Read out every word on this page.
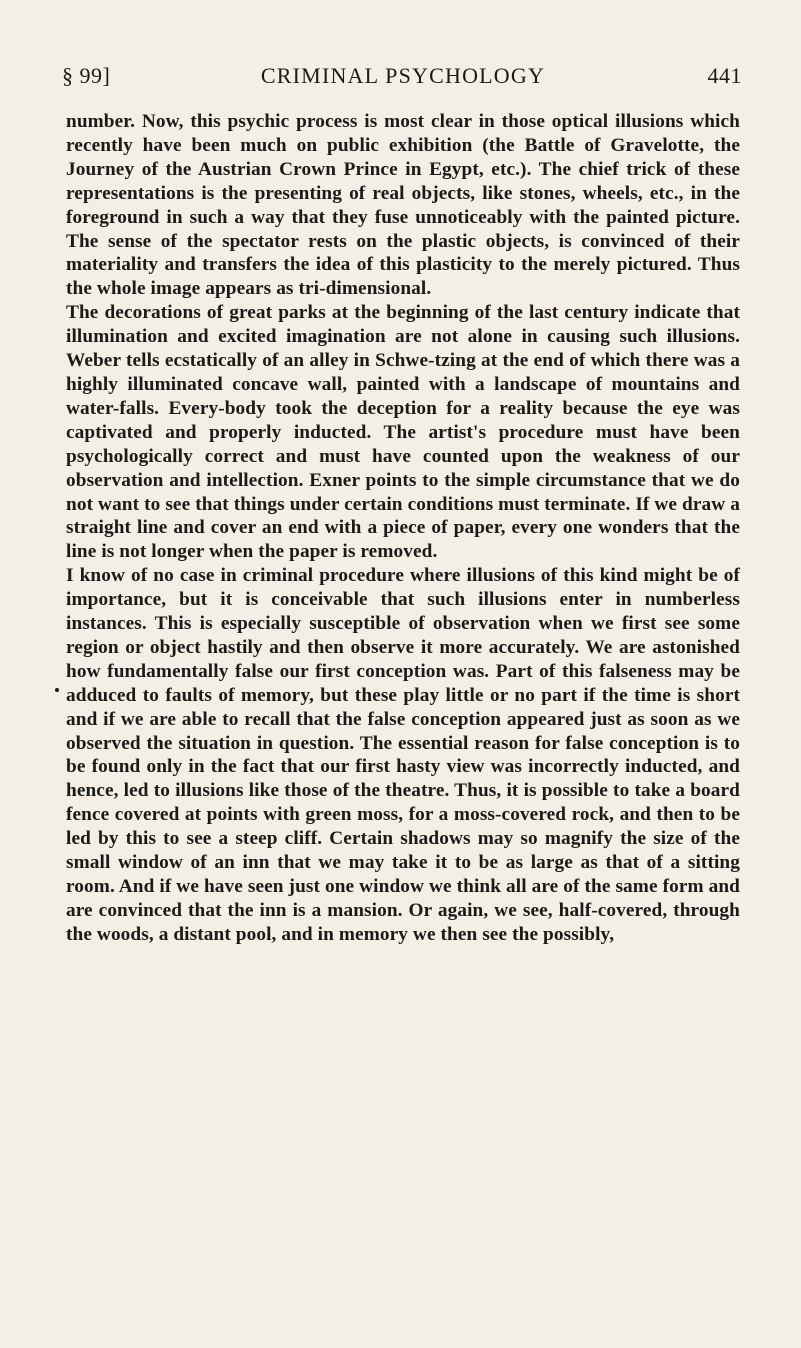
§ 99]	CRIMINAL PSYCHOLOGY	441

number. Now, this psychic process is most clear in those optical illusions which recently have been much on public exhibition (the Battle of Gravelotte, the Journey of the Austrian Crown Prince in Egypt, etc.). The chief trick of these representations is the presenting of real objects, like stones, wheels, etc., in the foreground in such a way that they fuse unnoticeably with the painted picture. The sense of the spectator rests on the plastic objects, is convinced of their materiality and transfers the idea of this plasticity to the merely pictured. Thus the whole image appears as tri-dimensional.

The decorations of great parks at the beginning of the last century indicate that illumination and excited imagination are not alone in causing such illusions. Weber tells ecstatically of an alley in Schwe-tzing at the end of which there was a highly illuminated concave wall, painted with a landscape of mountains and water-falls. Every-body took the deception for a reality because the eye was captivated and properly inducted. The artist's procedure must have been psychologically correct and must have counted upon the weakness of our observation and intellection. Exner points to the simple circumstance that we do not want to see that things under certain conditions must terminate. If we draw a straight line and cover an end with a piece of paper, every one wonders that the line is not longer when the paper is removed.

I know of no case in criminal procedure where illusions of this kind might be of importance, but it is conceivable that such illusions enter in numberless instances. This is especially susceptible of observation when we first see some region or object hastily and then observe it more accurately. We are astonished how fundamentally false our first conception was. Part of this falseness may be adduced to faults of memory, but these play little or no part if the time is short and if we are able to recall that the false conception appeared just as soon as we observed the situation in question. The essential reason for false conception is to be found only in the fact that our first hasty view was incorrectly inducted, and hence, led to illusions like those of the theatre. Thus, it is possible to take a board fence covered at points with green moss, for a moss-covered rock, and then to be led by this to see a steep cliff. Certain shadows may so magnify the size of the small window of an inn that we may take it to be as large as that of a sitting room. And if we have seen just one window we think all are of the same form and are convinced that the inn is a mansion. Or again, we see, half-covered, through the woods, a distant pool, and in memory we then see the possibly,
